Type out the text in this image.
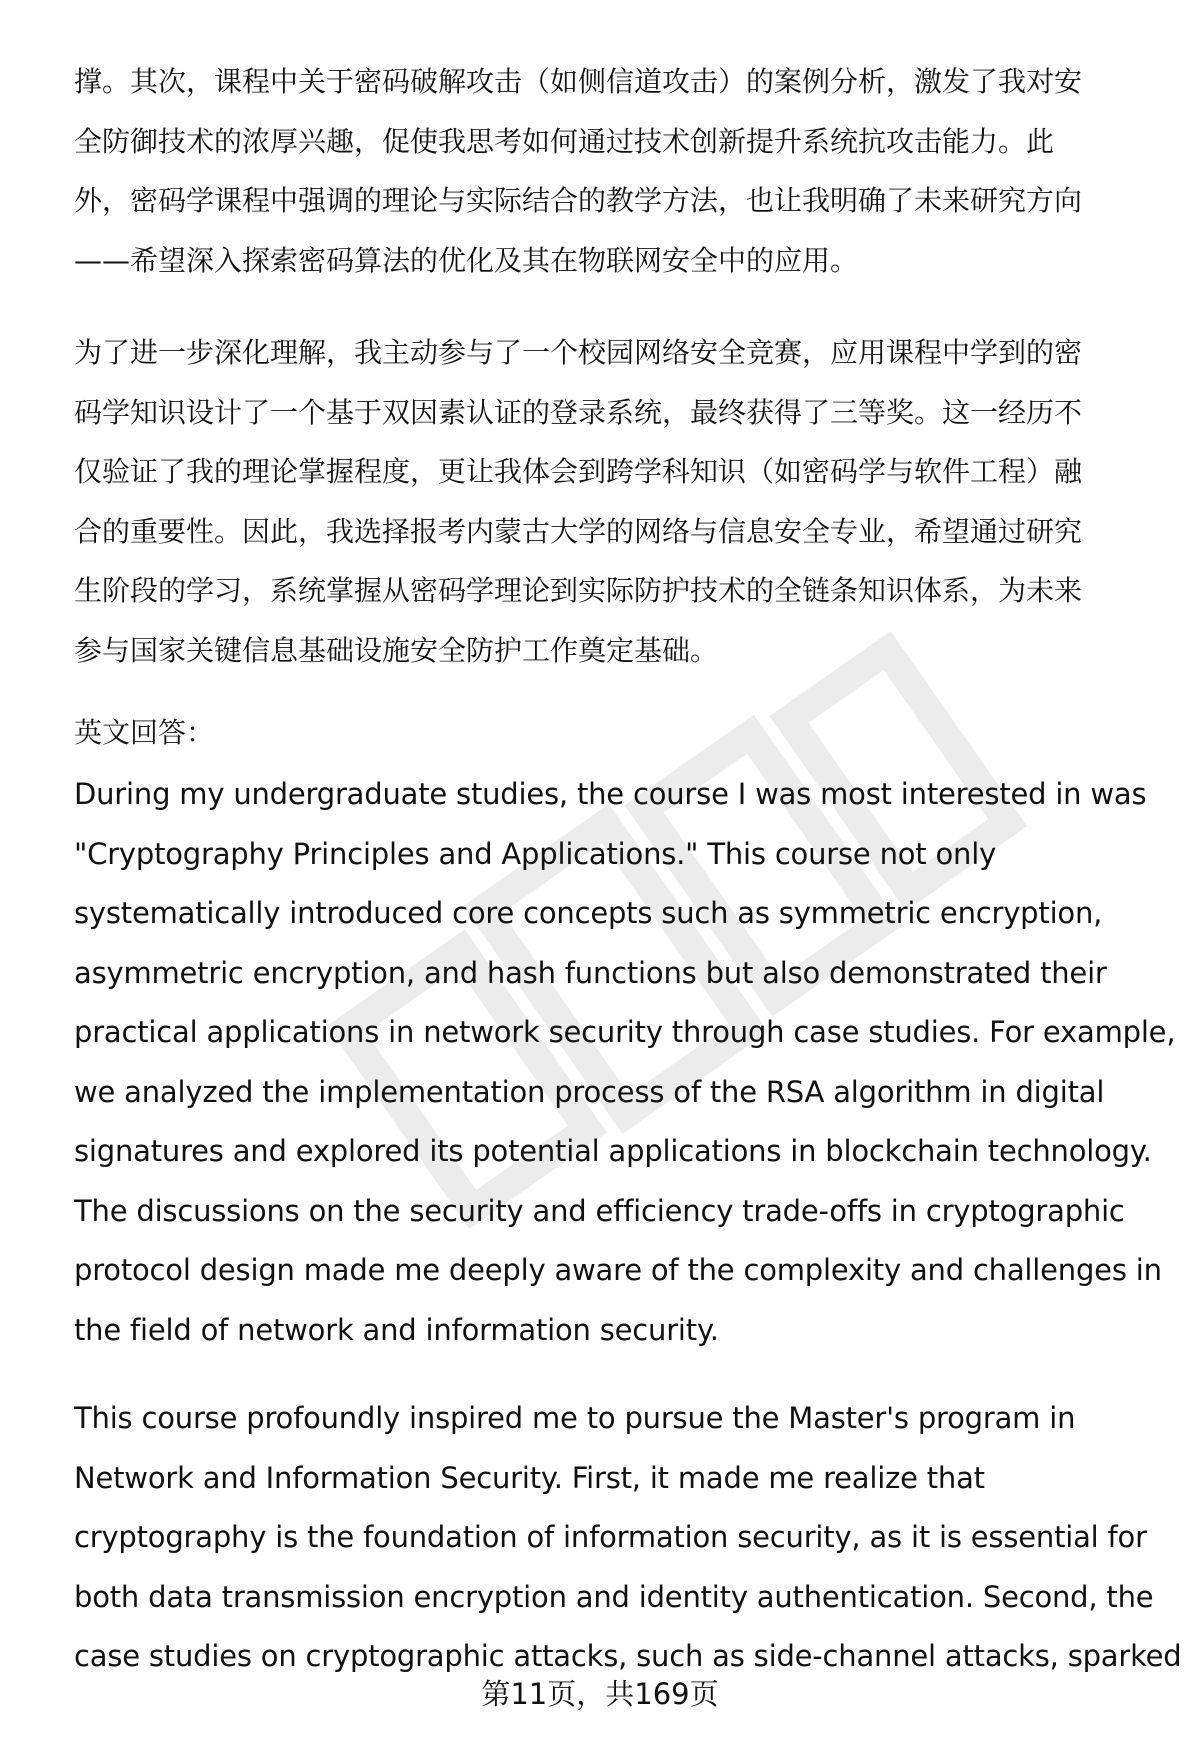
撑。其次，课程中关于密码破解攻击（如侧信道攻击）的案例分析，激发了我对安
全防御技术的浓厚兴趣，促使我思考如何通过技术创新提升系统抗攻击能力。此
外，密码学课程中强调的理论与实际结合的教学方法，也让我明确了未来研究方向
——希望深入探索密码算法的优化及其在物联网安全中的应用。
为了进一步深化理解，我主动参与了一个校园网络安全竞赛，应用课程中学到的密
码学知识设计了一个基于双因素认证的登录系统，最终获得了三等奖。这一经历不
仅验证了我的理论掌握程度，更让我体会到跨学科知识（如密码学与软件工程）融
合的重要性。因此，我选择报考内蒙古大学的网络与信息安全专业，希望通过研究
生阶段的学习，系统掌握从密码学理论到实际防护技术的全链条知识体系，为未来
参与国家关键信息基础设施安全防护工作奠定基础。
英文回答：
During my undergraduate studies, the course I was most interested in was
"Cryptography Principles and Applications." This course not only
systematically introduced core concepts such as symmetric encryption,
asymmetric encryption, and hash functions but also demonstrated their
practical applications in network security through case studies. For example,
we analyzed the implementation process of the RSA algorithm in digital
signatures and explored its potential applications in blockchain technology.
The discussions on the security and efficiency trade-offs in cryptographic
protocol design made me deeply aware of the complexity and challenges in
the field of network and information security.
This course profoundly inspired me to pursue the Master's program in
Network and Information Security. First, it made me realize that
cryptography is the foundation of information security, as it is essential for
both data transmission encryption and identity authentication. Second, the
case studies on cryptographic attacks, such as side-channel attacks, sparked
第11页，共169页
